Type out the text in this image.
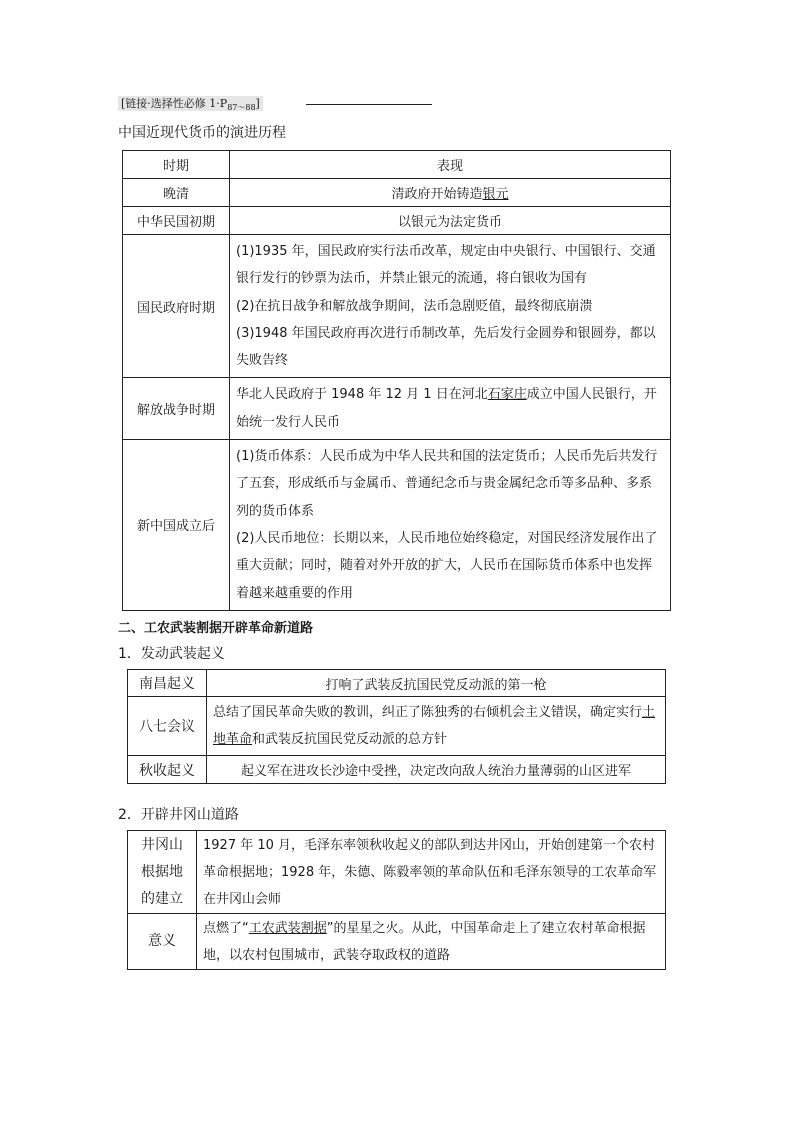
[链接·选择性必修 $1\cdot P_{87\sim 88}$]
中国近现代货币的演进历程
时期	表现
晚清	清政府开始铸造银元
中华民国初期	以银元为法定货币
国民政府时期	(1)1935 年，国民政府实行法币改革，规定由中央银行、中国银行、交通银行发行的钞票为法币，并禁止银元的流通，将白银收为国有

(2)在抗日战争和解放战争期间，法币急剧贬值，最终彻底崩溃

(3)1948 年国民政府再次进行币制改革，先后发行金圆券和银圆券，都以失败告终

解放战争时期	华北人民政府于 1948 年 12 月 1 日在河北石家庄成立中国人民银行，开始统一发行人民币
新中国成立后	(1)货币体系：人民币成为中华人民共和国的法定货币；人民币先后共发行了五套，形成纸币与金属币、普通纪念币与贵金属纪念币等多品种、多系列的货币体系

(2)人民币地位：长期以来，人民币地位始终稳定，对国民经济发展作出了重大贡献；同时，随着对外开放的扩大，人民币在国际货币体系中也发挥着越来越重要的作用

二、工农武装割据开辟革命新道路
1．发动武装起义
南昌起义	打响了武装反抗国民党反动派的第一枪
八七会议	总结了国民革命失败的教训，纠正了陈独秀的右倾机会主义错误，确定实行土地革命和武装反抗国民党反动派的总方针
秋收起义	起义军在进攻长沙途中受挫，决定改向敌人统治力量薄弱的山区进军
2．开辟井冈山道路
井冈山
根据地
的建立	1927 年 10 月，毛泽东率领秋收起义的部队到达井冈山，开始创建第一个农村革命根据地；1928 年，朱德、陈毅率领的革命队伍和毛泽东领导的工农革命军在井冈山会师
意义	点燃了“工农武装割据”的星星之火。从此，中国革命走上了建立农村革命根据地，以农村包围城市，武装夺取政权的道路
